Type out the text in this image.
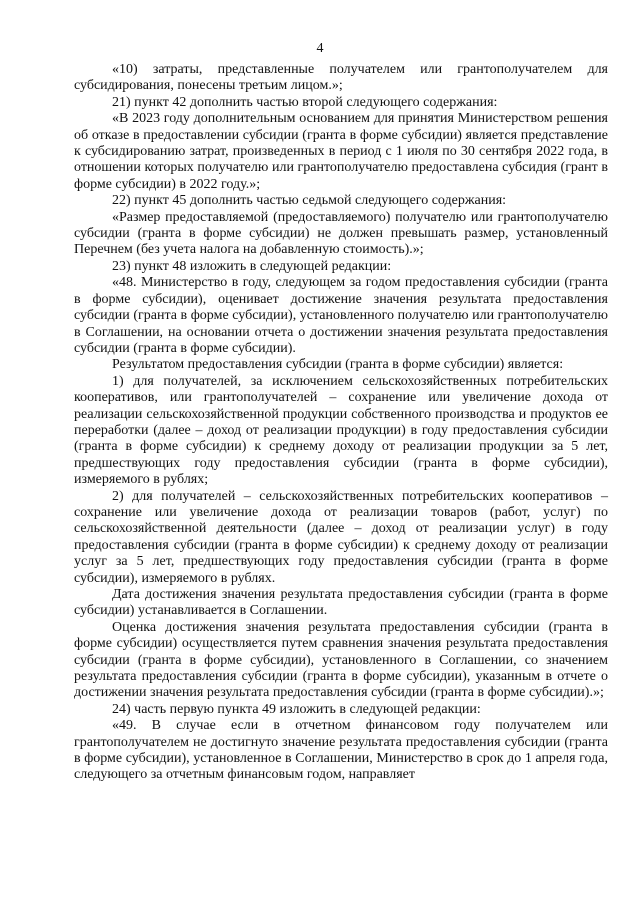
4

«10) затраты, представленные получателем или грантополучателем для субсидирования, понесены третьим лицом.»;

21) пункт 42 дополнить частью второй следующего содержания:

«В 2023 году дополнительным основанием для принятия Министерством решения об отказе в предоставлении субсидии (гранта в форме субсидии) является представление к субсидированию затрат, произведенных в период с 1 июля по 30 сентября 2022 года, в отношении которых получателю или грантополучателю предоставлена субсидия (грант в форме субсидии) в 2022 году.»;

22) пункт 45 дополнить частью седьмой следующего содержания:

«Размер предоставляемой (предоставляемого) получателю или грантополучателю субсидии (гранта в форме субсидии) не должен превышать размер, установленный Перечнем (без учета налога на добавленную стоимость).»;

23) пункт 48 изложить в следующей редакции:

«48. Министерство в году, следующем за годом предоставления субсидии (гранта в форме субсидии), оценивает достижение значения результата предоставления субсидии (гранта в форме субсидии), установленного получателю или грантополучателю в Соглашении, на основании отчета о достижении значения результата предоставления субсидии (гранта в форме субсидии).

Результатом предоставления субсидии (гранта в форме субсидии) является:

1) для получателей, за исключением сельскохозяйственных потребительских кооперативов, или грантополучателей – сохранение или увеличение дохода от реализации сельскохозяйственной продукции собственного производства и продуктов ее переработки (далее – доход от реализации продукции) в году предоставления субсидии (гранта в форме субсидии) к среднему доходу от реализации продукции за 5 лет, предшествующих году предоставления субсидии (гранта в форме субсидии), измеряемого в рублях;

2) для получателей – сельскохозяйственных потребительских кооперативов – сохранение или увеличение дохода от реализации товаров (работ, услуг) по сельскохозяйственной деятельности (далее – доход от реализации услуг) в году предоставления субсидии (гранта в форме субсидии) к среднему доходу от реализации услуг за 5 лет, предшествующих году предоставления субсидии (гранта в форме субсидии), измеряемого в рублях.

Дата достижения значения результата предоставления субсидии (гранта в форме субсидии) устанавливается в Соглашении.

Оценка достижения значения результата предоставления субсидии (гранта в форме субсидии) осуществляется путем сравнения значения результата предоставления субсидии (гранта в форме субсидии), установленного в Соглашении, со значением результата предоставления субсидии (гранта в форме субсидии), указанным в отчете о достижении значения результата предоставления субсидии (гранта в форме субсидии).»;

24) часть первую пункта 49 изложить в следующей редакции:

«49. В случае если в отчетном финансовом году получателем или грантополучателем не достигнуто значение результата предоставления субсидии (гранта в форме субсидии), установленное в Соглашении, Министерство в срок до 1 апреля года, следующего за отчетным финансовым годом, направляет
